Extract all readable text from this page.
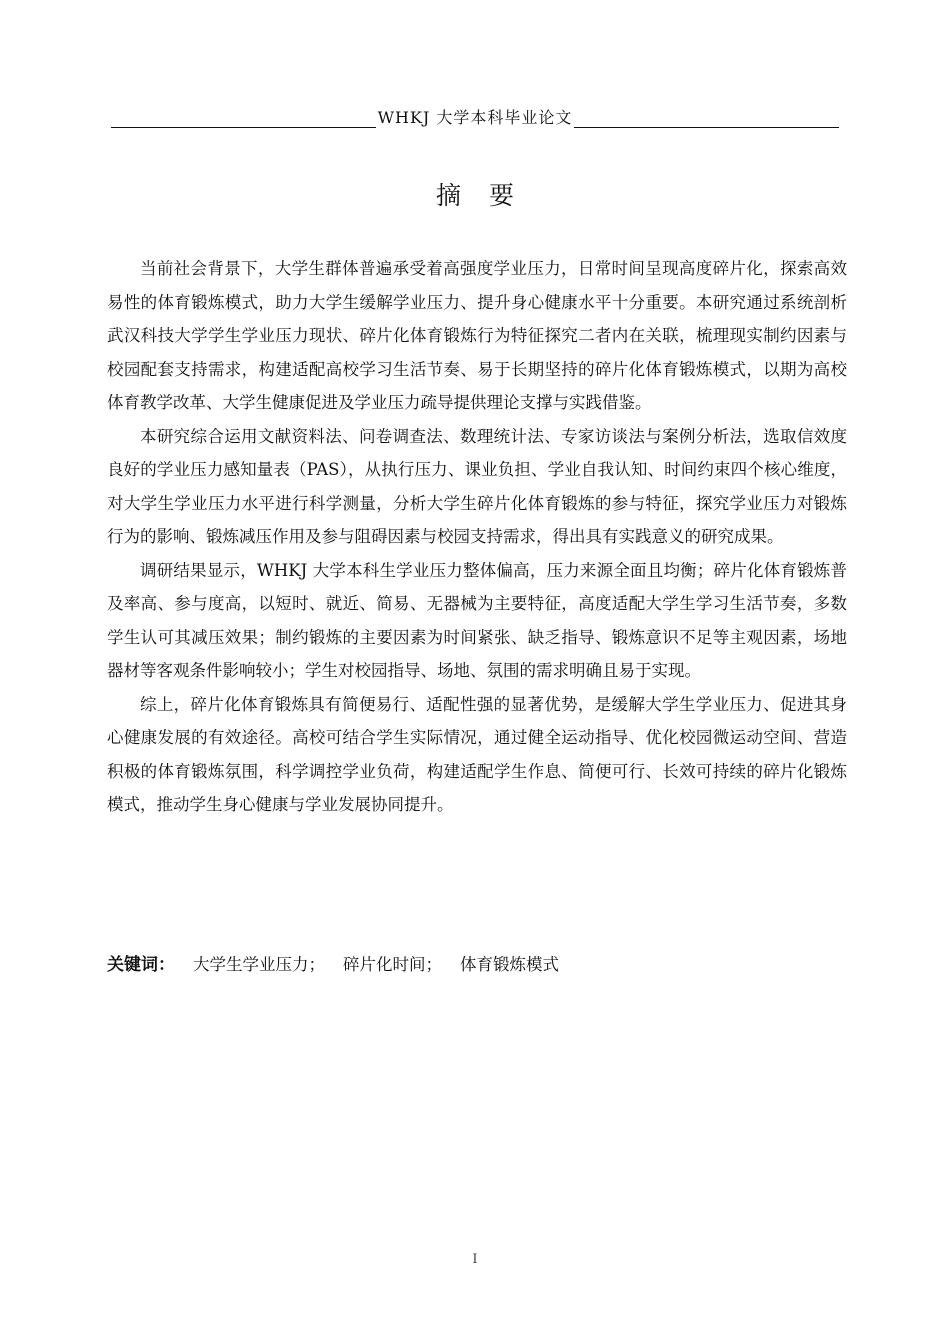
WHKJ 大学本科毕业论文
摘 要

当前社会背景下，大学生群体普遍承受着高强度学业压力，日常时间呈现高度碎片化，探索高效易性的体育锻炼模式，助力大学生缓解学业压力、提升身心健康水平十分重要。本研究通过系统剖析武汉科技大学学生学业压力现状、碎片化体育锻炼行为特征探究二者内在关联，梳理现实制约因素与校园配套支持需求，构建适配高校学习生活节奏、易于长期坚持的碎片化体育锻炼模式，以期为高校体育教学改革、大学生健康促进及学业压力疏导提供理论支撑与实践借鉴。

本研究综合运用文献资料法、问卷调查法、数理统计法、专家访谈法与案例分析法，选取信效度良好的学业压力感知量表（PAS），从执行压力、课业负担、学业自我认知、时间约束四个核心维度，对大学生学业压力水平进行科学测量，分析大学生碎片化体育锻炼的参与特征，探究学业压力对锻炼行为的影响、锻炼减压作用及参与阻碍因素与校园支持需求，得出具有实践意义的研究成果。

调研结果显示，WHKJ 大学本科生学业压力整体偏高，压力来源全面且均衡；碎片化体育锻炼普及率高、参与度高，以短时、就近、简易、无器械为主要特征，高度适配大学生学习生活节奏，多数学生认可其减压效果；制约锻炼的主要因素为时间紧张、缺乏指导、锻炼意识不足等主观因素，场地器材等客观条件影响较小；学生对校园指导、场地、氛围的需求明确且易于实现。

综上，碎片化体育锻炼具有简便易行、适配性强的显著优势，是缓解大学生学业压力、促进其身心健康发展的有效途径。高校可结合学生实际情况，通过健全运动指导、优化校园微运动空间、营造积极的体育锻炼氛围，科学调控学业负荷，构建适配学生作息、简便可行、长效可持续的碎片化锻炼模式，推动学生身心健康与学业发展协同提升。

关键词： 大学生学业压力； 碎片化时间； 体育锻炼模式
I
